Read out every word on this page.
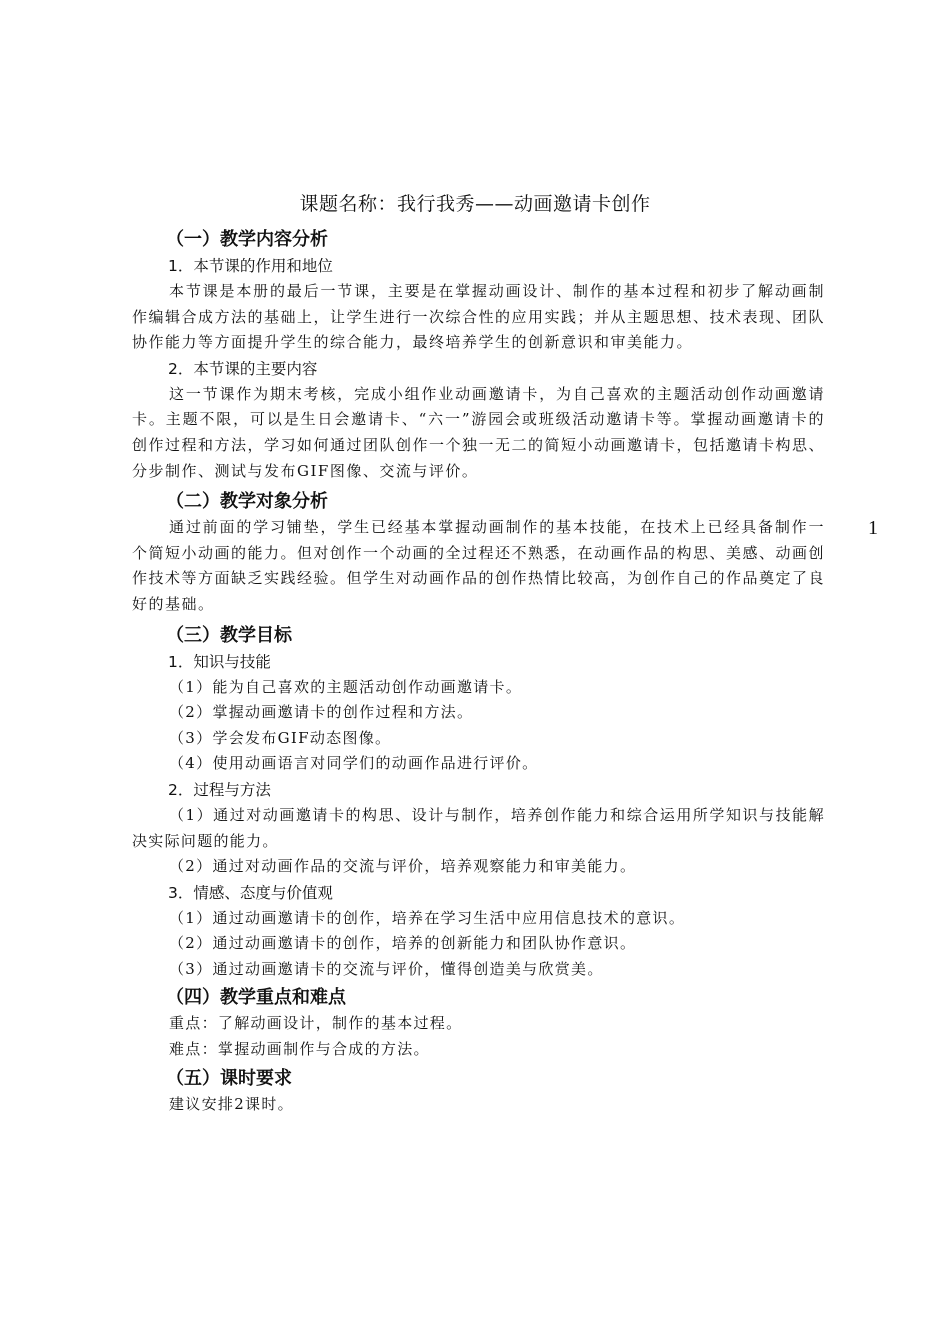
课题名称：我行我秀——动画邀请卡创作
（一）教学内容分析
1．本节课的作用和地位

本节课是本册的最后一节课，主要是在掌握动画设计、制作的基本过程和初步了解动画制作编辑合成方法的基础上，让学生进行一次综合性的应用实践；并从主题思想、技术表现、团队协作能力等方面提升学生的综合能力，最终培养学生的创新意识和审美能力。

2．本节课的主要内容

这一节课作为期末考核，完成小组作业动画邀请卡，为自己喜欢的主题活动创作动画邀请卡。主题不限，可以是生日会邀请卡、“六一”游园会或班级活动邀请卡等。掌握动画邀请卡的创作过程和方法，学习如何通过团队创作一个独一无二的简短小动画邀请卡，包括邀请卡构思、分步制作、测试与发布GIF图像、交流与评价。

（二）教学对象分析

通过前面的学习铺垫，学生已经基本掌握动画制作的基本技能，在技术上已经具备制作一个简短小动画的能力。但对创作一个动画的全过程还不熟悉，在动画作品的构思、美感、动画创作技术等方面缺乏实践经验。但学生对动画作品的创作热情比较高，为创作自己的作品奠定了良好的基础。

（三）教学目标
1．知识与技能

（1）能为自己喜欢的主题活动创作动画邀请卡。

（2）掌握动画邀请卡的创作过程和方法。

（3）学会发布GIF动态图像。

（4）使用动画语言对同学们的动画作品进行评价。

2．过程与方法

（1）通过对动画邀请卡的构思、设计与制作，培养创作能力和综合运用所学知识与技能解决实际问题的能力。

（2）通过对动画作品的交流与评价，培养观察能力和审美能力。

3．情感、态度与价值观

（1）通过动画邀请卡的创作，培养在学习生活中应用信息技术的意识。

（2）通过动画邀请卡的创作，培养的创新能力和团队协作意识。

（3）通过动画邀请卡的交流与评价，懂得创造美与欣赏美。

（四）教学重点和难点

重点：了解动画设计，制作的基本过程。

难点：掌握动画制作与合成的方法。

（五）课时要求

建议安排2课时。

1
